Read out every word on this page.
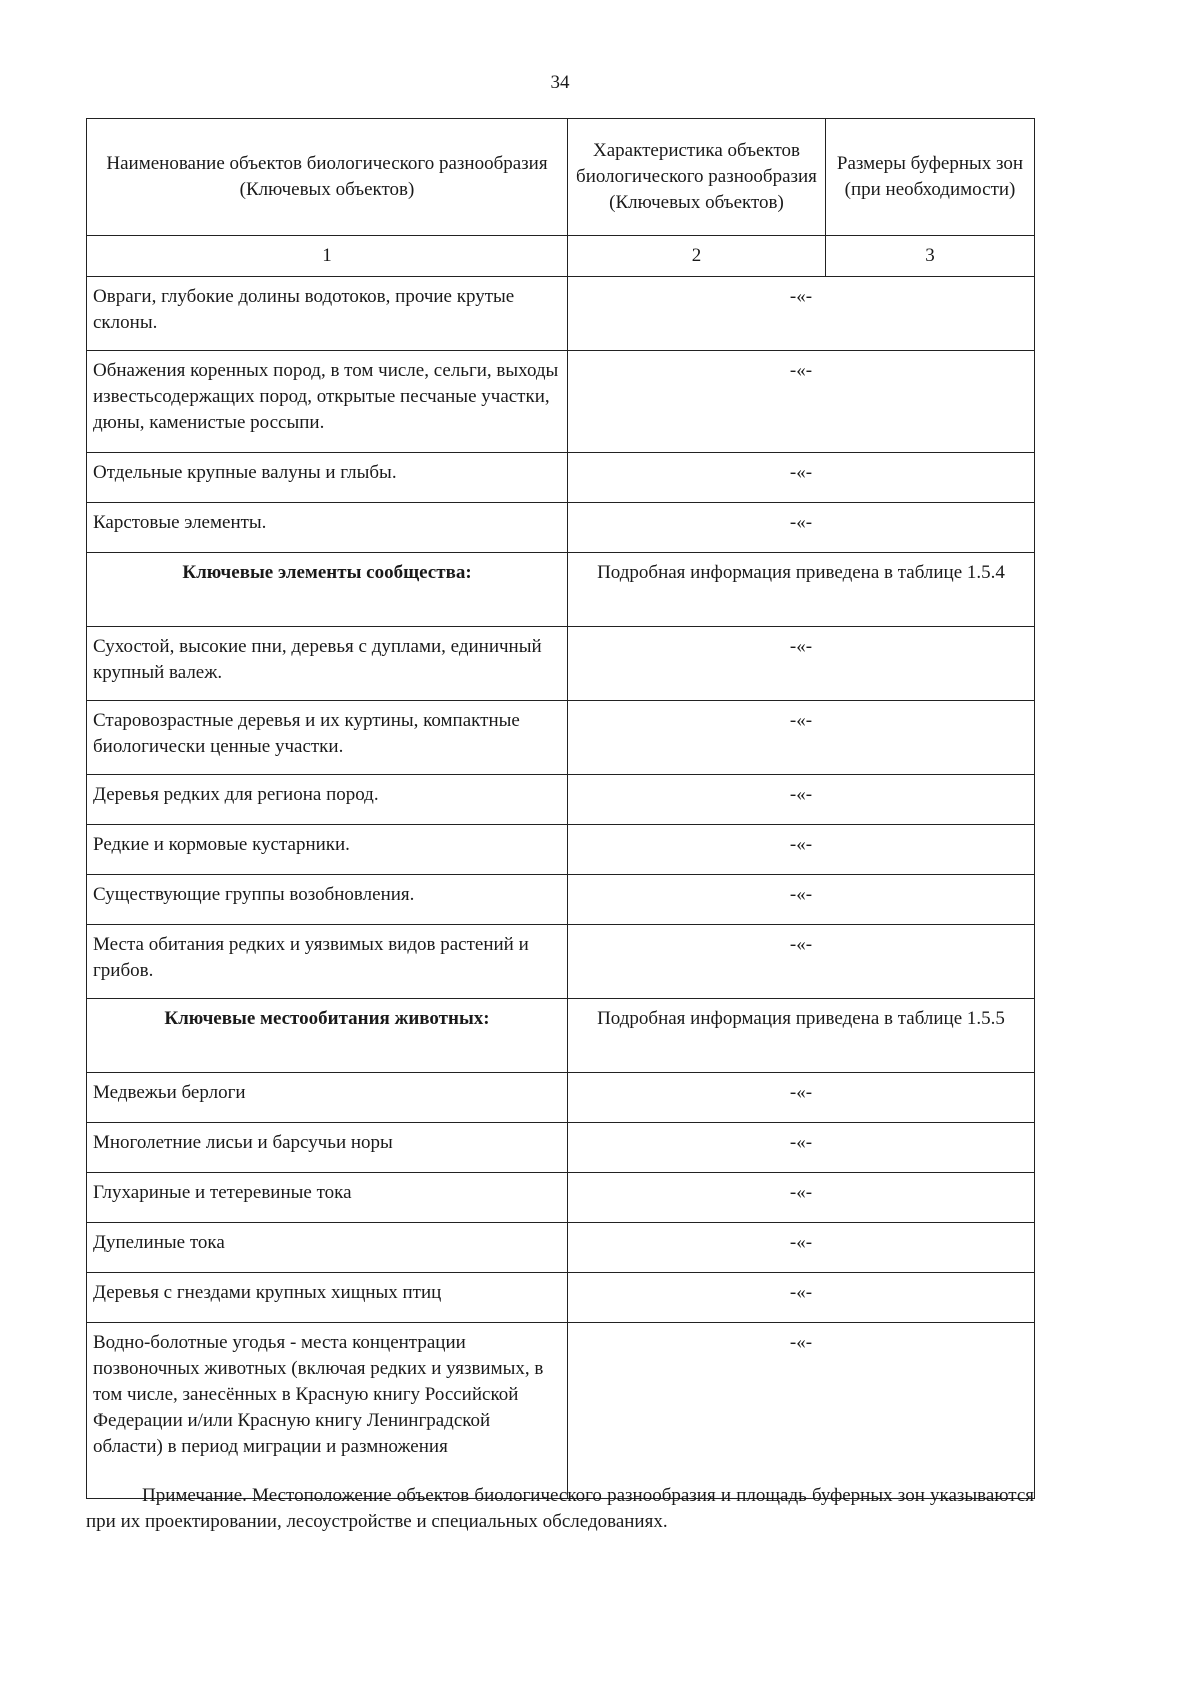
34
Наименование объектов биологического разнообразия (Ключевых объектов)	Характеристика объектов биологического разнообразия (Ключевых объектов)	Размеры буферных зон (при необходимости)
1	2	3
Овраги, глубокие долины водотоков, прочие крутые склоны.	-«-	
Обнажения коренных пород, в том числе, сельги, выходы известьсодержащих пород, открытые песчаные участки, дюны, каменистые россыпи.	-«-	
Отдельные крупные валуны и глыбы.	-«-	
Карстовые элементы.	-«-	
Ключевые элементы сообщества:	Подробная информация приведена в таблице 1.5.4	
Сухостой, высокие пни, деревья с дуплами, единичный крупный валеж.	-«-	
Старовозрастные деревья и их куртины, компактные биологически ценные участки.	-«-	
Деревья редких для региона пород.	-«-	
Редкие и кормовые кустарники.	-«-	
Существующие группы возобновления.	-«-	
Места обитания редких и уязвимых видов растений и грибов.	-«-	
Ключевые местообитания животных:	Подробная информация приведена в таблице 1.5.5	
Медвежьи берлоги	-«-	
Многолетние лисьи и барсучьи норы	-«-	
Глухариные и тетеревиные тока	-«-	
Дупелиные тока	-«-	
Деревья с гнездами крупных хищных птиц	-«-	
Водно-болотные угодья - места концентрации позвоночных животных (включая редких и уязвимых, в том числе, занесённых в Красную книгу Российской Федерации и/или Красную книгу Ленинградской области) в период миграции и размножения	-«-	
Примечание. Местоположение объектов биологического разнообразия и площадь буферных зон указываются при их проектировании, лесоустройстве и специальных обследованиях.
